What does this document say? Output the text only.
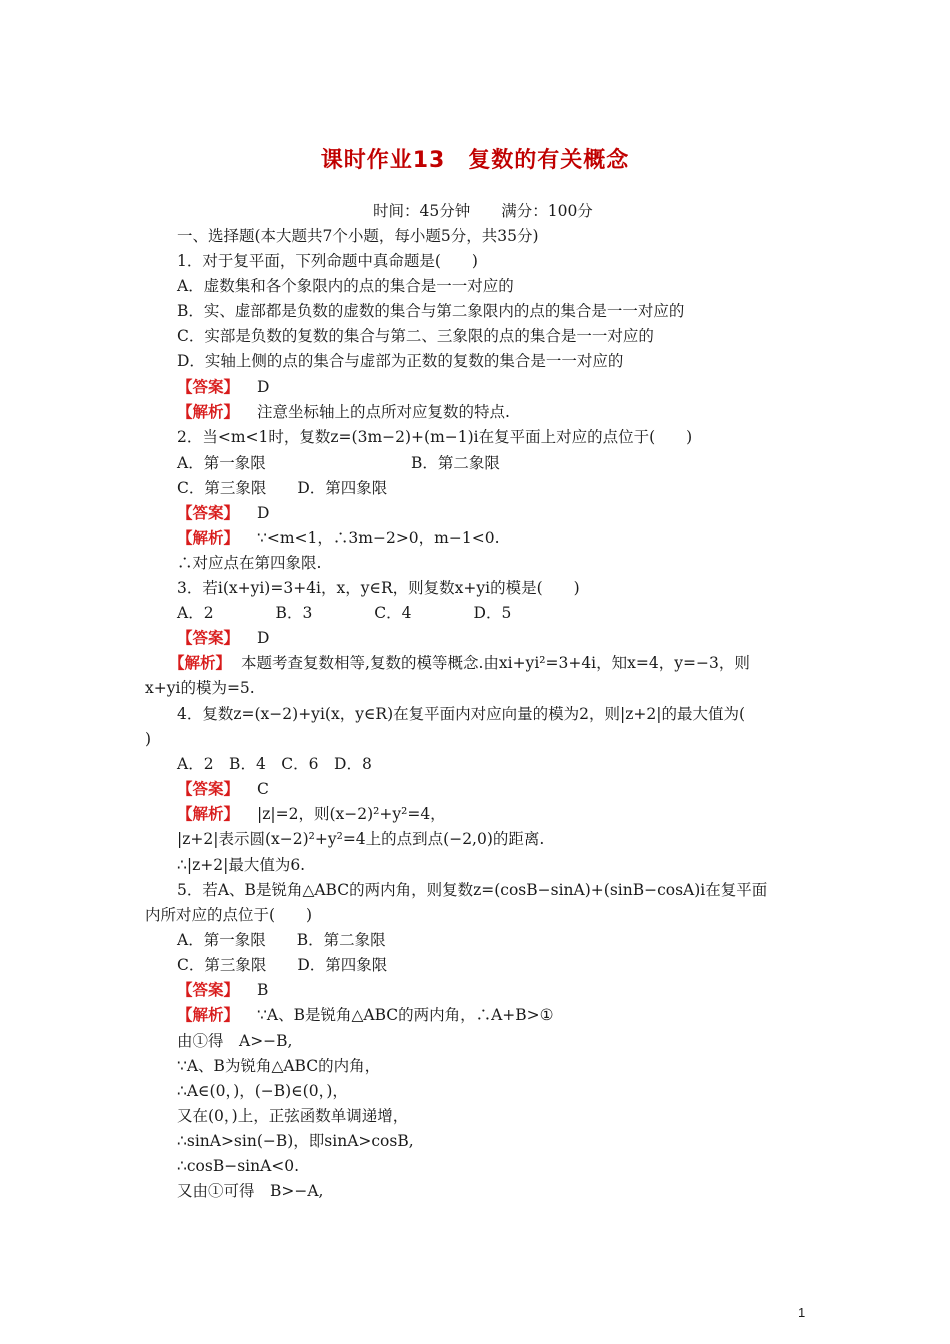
课时作业13　复数的有关概念
时间：45分钟　　满分：100分
一、选择题(本大题共7个小题，每小题5分，共35分)
1．对于复平面，下列命题中真命题是(　　)
A．虚数集和各个象限内的点的集合是一一对应的
B．实、虚部都是负数的虚数的集合与第二象限内的点的集合是一一对应的
C．实部是负数的复数的集合与第二、三象限的点的集合是一一对应的
D．实轴上侧的点的集合与虚部为正数的复数的集合是一一对应的
【答案】 D
【解析】 注意坐标轴上的点所对应复数的特点.
2．当<m<1时，复数z=(3m−2)+(m−1)i在复平面上对应的点位于(　　)
A．第一象限	B．第二象限
C．第三象限　　D．第四象限
【答案】 D
【解析】 ∵<m<1，∴3m−2>0，m−1<0.
∴对应点在第四象限.
3．若i(x+yi)=3+4i，x，y∈R，则复数x+yi的模是(　　)
A．2　　　　B．3　　　　C．4　　　　D．5
【答案】 D
【解析】 本题考查复数相等,复数的模等概念.由xi+yi²=3+4i，知x=4，y=−3，则
x+yi的模为=5.
4．复数z=(x−2)+yi(x，y∈R)在复平面内对应向量的模为2，则|z+2|的最大值为(
)
A．2　B．4　C．6　D．8
【答案】 C
【解析】 |z|=2，则(x−2)²+y²=4，
|z+2|表示圆(x−2)²+y²=4上的点到点(−2,0)的距离.
∴|z+2|最大值为6.
5．若A、B是锐角△ABC的两内角，则复数z=(cosB−sinA)+(sinB−cosA)i在复平面
内所对应的点位于(　　)
A．第一象限　　B．第二象限
C．第三象限　　D．第四象限
【答案】 B
【解析】 ∵A、B是锐角△ABC的两内角，∴A+B>①
由①得　A>−B,
∵A、B为锐角△ABC的内角，
∴A∈(0，)，(−B)∈(0，)，
又在(0，)上，正弦函数单调递增，
∴sinA>sin(−B)，即sinA>cosB,
∴cosB−sinA<0.
又由①可得　B>−A,
1
